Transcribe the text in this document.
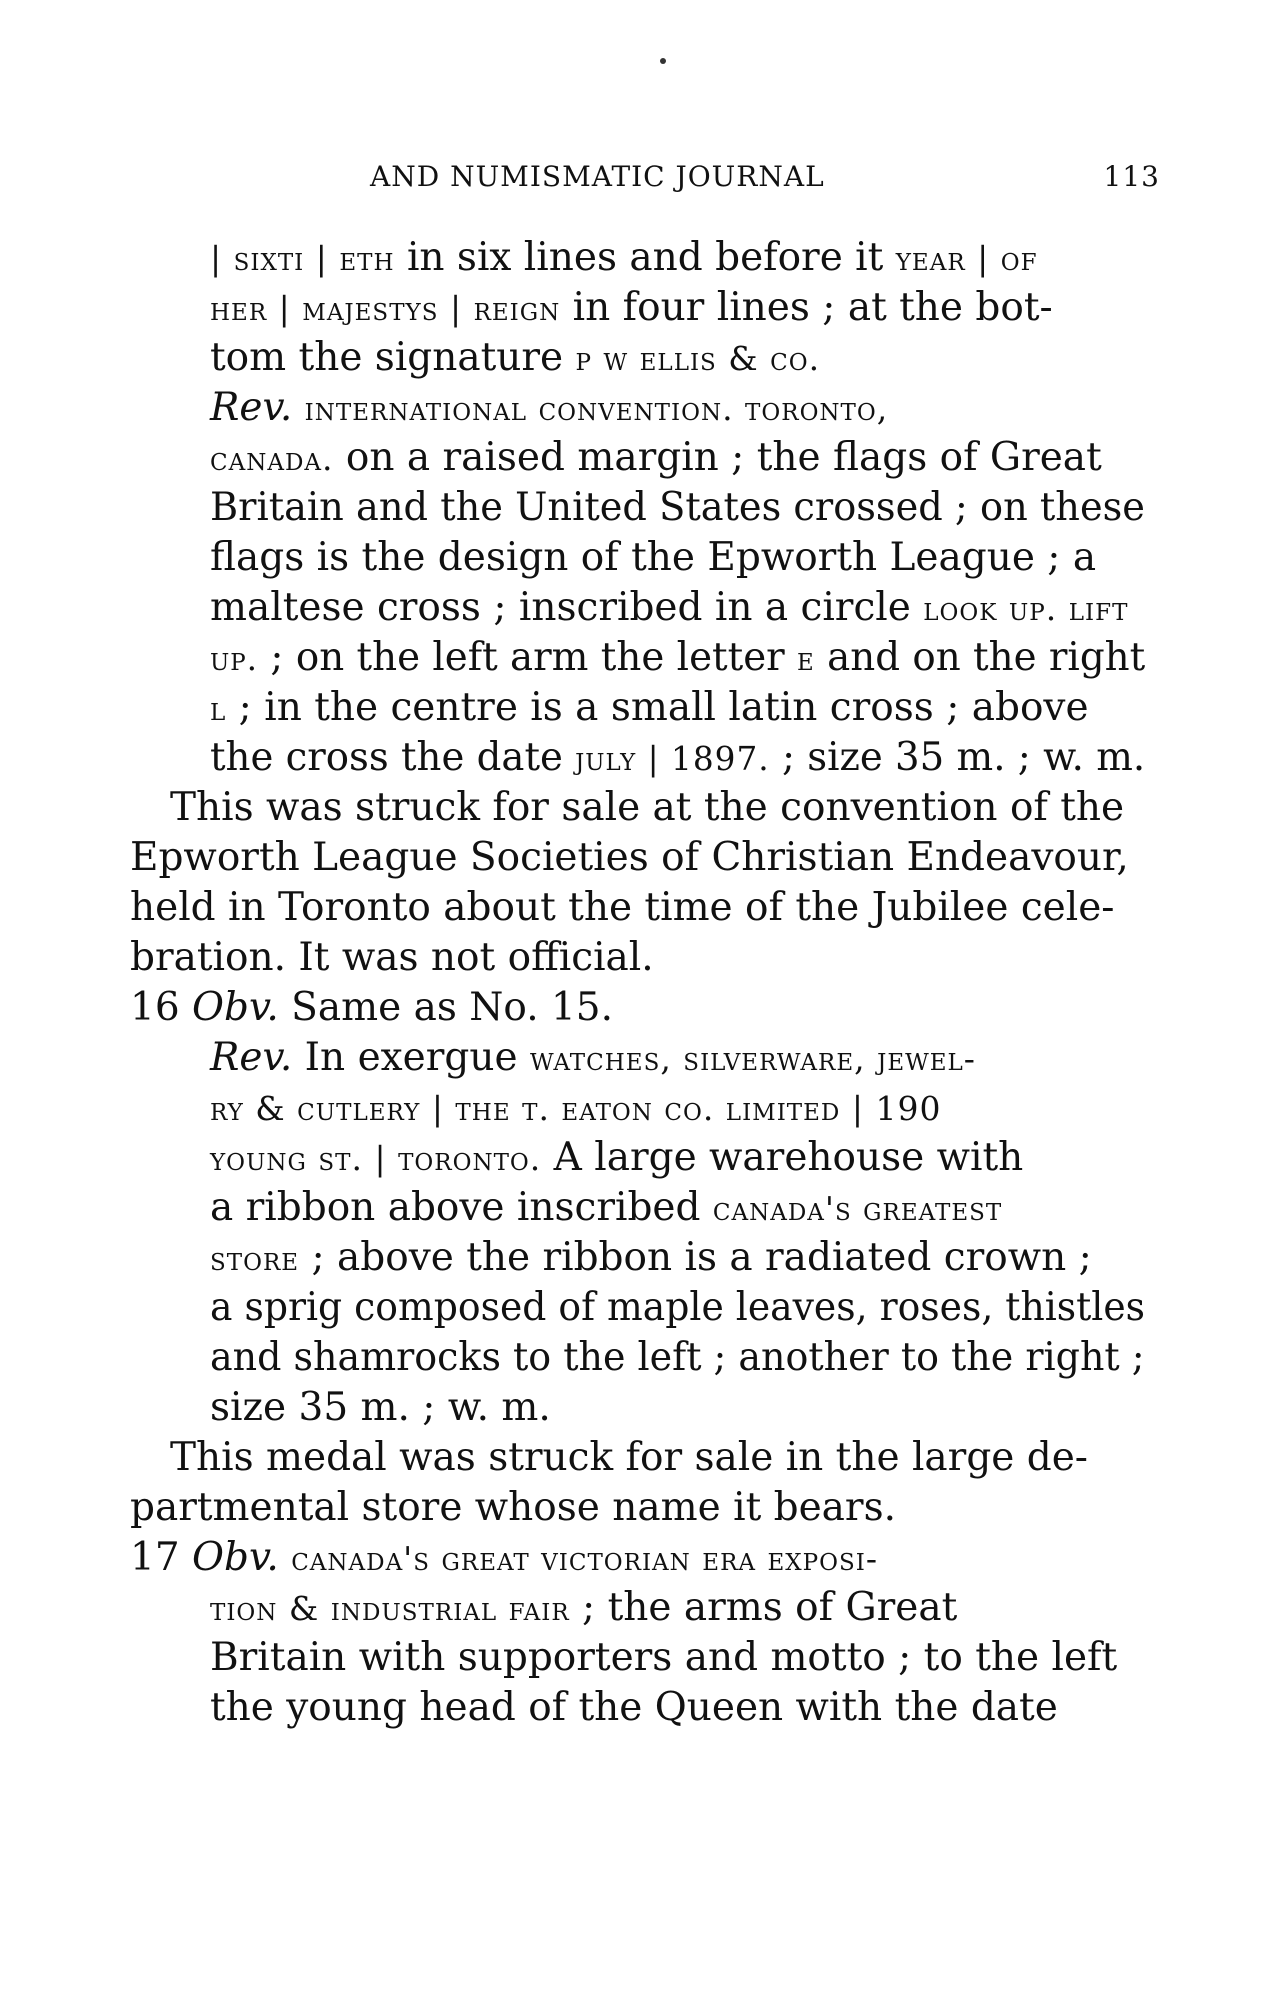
AND NUMISMATIC JOURNAL	113
| sixti | eth in six lines and before it year | of
her | majestys | reign in four lines ; at the bot-
tom the signature p w ellis & co.
Rev. international convention. toronto,
canada. on a raised margin ; the flags of Great
Britain and the United States crossed ; on these
flags is the design of the Epworth League ; a
maltese cross ; inscribed in a circle look up. lift
up. ; on the left arm the letter e and on the right
l ; in the centre is a small latin cross ; above
the cross the date july | 1897. ; size 35 m. ; w. m.
This was struck for sale at the convention of the
Epworth League Societies of Christian Endeavour,
held in Toronto about the time of the Jubilee cele-
bration. It was not official.
16 Obv. Same as No. 15.
Rev. In exergue watches, silverware, jewel-
ry & cutlery | the t. eaton co. limited | 190
young st. | toronto. A large warehouse with
a ribbon above inscribed canada's greatest
store ; above the ribbon is a radiated crown ;
a sprig composed of maple leaves, roses, thistles
and shamrocks to the left ; another to the right ;
size 35 m. ; w. m.
This medal was struck for sale in the large de-
partmental store whose name it bears.
17 Obv. canada's great victorian era exposi-
tion & industrial fair ; the arms of Great
Britain with supporters and motto ; to the left
the young head of the Queen with the date
